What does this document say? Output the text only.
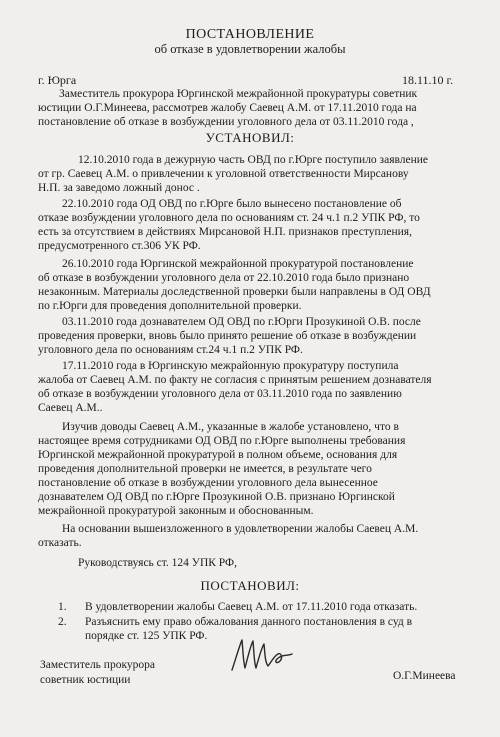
ПОСТАНОВЛЕНИЕ
об отказе в удовлетворении жалобы
г. Юрга	18.11.10 г.
Заместитель прокурора Юргинской межрайонной прокуратуры советник
юстиции О.Г.Минеева, рассмотрев жалобу Саевец А.М. от 17.11.2010 года на
постановление об отказе в возбуждении уголовного дела от 03.11.2010 года ,
УСТАНОВИЛ:
12.10.2010 года в дежурную часть ОВД по г.Юрге поступило заявление
от гр. Саевец А.М. о привлечении к уголовной ответственности Мирсанову
Н.П. за заведомо ложный донос .
22.10.2010 года ОД ОВД по г.Юрге было вынесено постановление об
отказе возбуждении уголовного дела по основаниям ст. 24 ч.1 п.2 УПК РФ, то
есть за отсутствием в действиях Мирсановой Н.П. признаков преступления,
предусмотренного ст.306 УК РФ.
26.10.2010 года Юргинской межрайонной прокуратурой постановление
об отказе в возбуждении уголовного дела от 22.10.2010 года было признано
незаконным. Материалы доследственной проверки были направлены в ОД ОВД
по г.Юрги для проведения дополнительной проверки.
03.11.2010 года дознавателем ОД ОВД по г.Юрги Прозукиной О.В. после
проведения проверки, вновь было принято решение об отказе в возбуждении
уголовного дела по основаниям ст.24 ч.1 п.2 УПК РФ.
17.11.2010 года в Юргинскую межрайонную прокуратуру поступила
жалоба от Саевец А.М. по факту не согласия с принятым решением дознавателя
об отказе в возбуждении уголовного дела от 03.11.2010 года по заявлению
Саевец А.М..
Изучив доводы Саевец А.М., указанные в жалобе установлено, что в
настоящее время сотрудниками ОД ОВД по г.Юрге выполнены требования
Юргинской межрайонной прокуратурой в полном объеме, основания для
проведения дополнительной проверки не имеется, в результате чего
постановление об отказе в возбуждении уголовного дела вынесенное
дознавателем ОД ОВД по г.Юрге Прозукиной О.В. признано Юргинской
межрайонной прокуратурой законным и обоснованным.
На основании вышеизложенного в удовлетворении жалобы Саевец А.М.
отказать.
Руководствуясь ст. 124 УПК РФ,
ПОСТАНОВИЛ:
1. В удовлетворении жалобы Саевец А.М. от 17.11.2010 года отказать.
2. Разъяснить ему право обжалования данного постановления в суд в
порядке ст. 125 УПК РФ.
Заместитель прокурора
советник юстиции	О.Г.Минеева
